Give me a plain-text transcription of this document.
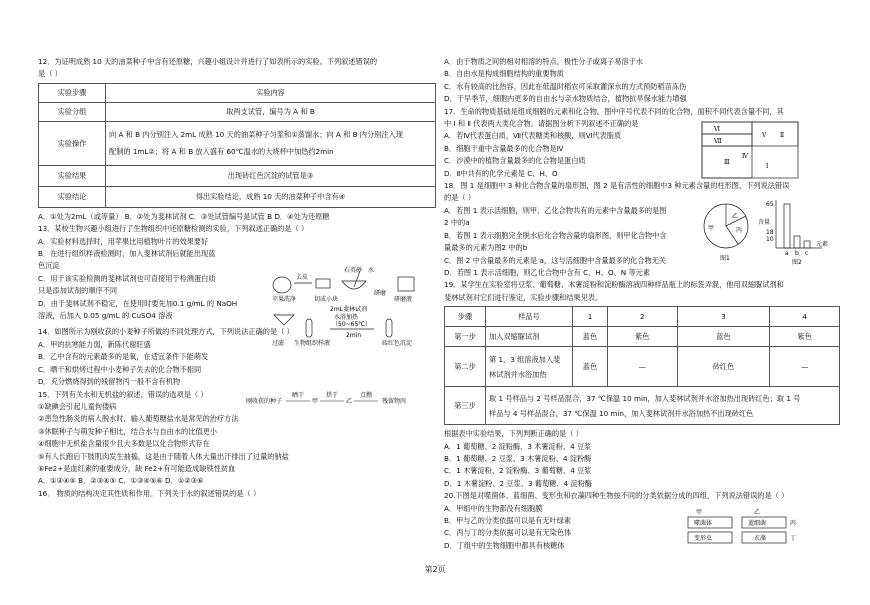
12．为证明成熟 10 天的油菜种子中含有还原糖，兴趣小组设计并进行了如表所示的实验。下列叙述错误的

是（ ）

实验步骤	实验内容
实验分组	取两支试管，编号为 A 和 B
实验操作	向 A 和 B 内分别注入 2mL 成熟 10 天的油菜种子匀浆和①蒸馏水；向 A 和 B 内分别注入现
配制的 1mL②；将 A 和 B 放入盛有 60℃温水的大烧杯中加热约2min

实验结果	出现砖红色沉淀的试管是③
实验结论	得出实验结论，成熟 10 天的油菜种子中含有④

A．①处为2mL（或等量） B．②处为斐林试剂 C．③处试管编号是试管 B D．④处为还原糖

13．某校生物兴趣小组进行了生物组织中还原糖检测的实验，下列叙述正确的是（ ）

A．实验材料选择时，用苹果比用植物叶片的效果要好

B．在进行组织样液检测时，加入斐林试剂后就能出现蓝

色沉淀

C．用于该实验检测的斐林试剂也可直接用于检测蛋白质

只是添加试剂的顺序不同

D．由于斐林试剂不稳定，在使用时要先加0.1 g/mL 的 NaOH

溶液，后加入 0.05 g/mL 的 CuSO4 溶液

14．如图所示为刚收获的小麦种子所做的不同处理方式，下列说法正确的是（ ）

A．甲的抗寒能力弱，新陈代谢旺盛

B．乙中含有的元素最多的是氧，在适宜条件下能萌发

C．晒干和烘烤过程中小麦种子失去的化合物不相同

D．充分燃烧得到的残留物丙一般不含有机物

15．下列有关水和无机盐的叙述，错误的选项是（ ）

①缺碘会引起儿童佝偻病

②患急性肠炎的病人脱水时，输入葡萄糖盐水是常见的治疗方法

③休眠种子与萌发种子相比，结合水与自由水的比值更小

④细胞中无机盐含量很少且大多数是以化合物形式存在

⑤有人长跑后下肢肌肉发生抽搐，这是由于随着人体大量出汗排出了过量的钠盐

⑥Fe2+是血红素的重要成分，缺 Fe2+有可能造成缺铁性贫血

A．①③④⑤ B．②③④⑤ C．①③④⑤⑥ D．①②③⑥

16． 物质的结构决定其性质和作用。下列关于水的叙述错误的是（ ）

苹果洗净
去皮
切成小块
石英砂 水
研磨
研磨液
过滤 生物组织样液
2mL斐林试剂
水浴加热
（50~65℃）
2min
砖红色沉淀
刚收获的种子
晒干
甲
烘干
乙
点燃
残留物丙

A．由于物质之间的相对相溶的特点，极性分子或离子易溶于水

B．自由水是构成细胞结构的重要物质

C．水有较高的比热容，因此在低温时稻农可采取灌深水的方式预防稻苗冻伤

D．干早季节，细胞内更多的自由水与亲水物质结合，植物抗旱保水能力增强

17．生命的物质基础是组成细胞的元素和化合物。图中序号代表不同的化合物，面积不同代表含量不同，其

中 Ⅰ 和 Ⅱ 代表两大类化合物。请据图分析下列叙述不正确的是

A．若Ⅳ代表蛋白质，Ⅶ代表糖类和核酸，则Ⅵ代表脂质

B．细胞干重中含量最多的化合物是Ⅳ

C．沙漠中的植物含量最多的化合物是蛋白质

D．Ⅱ中共有的化学元素是 C、H、O

18．图 1 是细胞中 3 种化合物含量的扇形图，图 2 是有活性的细胞中3 种元素含量的柱形图，下列说法错误

的是（ ）

A．若图 1 表示活细胞，则甲、乙化合物共有的元素中含量最多的是图

2 中的a

B．若图 1 表示细胞完全脱水后化合物含量的扇形图，则甲化合物中含

量最多的元素为图2 中的b

C．图 2 中含量最多的元素是 a，这与活细胞中含量最多的化合物无关

D．若图 1 表示活细胞，则乙化合物中含有 C、H、O、N 等元素

19．某学生在实验室将豆浆、葡萄糖、木薯淀粉和淀粉酶溶液四种样品瓶上的标签弄混，他用双缩脲试剂和

斐林试剂对它们进行鉴定，实验步骤和结果见表。

步骤	样品号	1	2	3	4
第一步	加入双缩脲试剂	蓝色	紫色	蓝色	紫色
第二步	第 1、3 组溶液加入斐
林试剂并水浴加热	蓝色	—	砖红色	—
第三步	取 1 号样品与 2 号样品混合，37 ℃保温 10 min，加入斐林试剂并水浴加热出现砖红色；取 1 号
样品与 4 号样品混合，37 ℃保温 10 min，加入斐林试剂并水浴加热不出现砖红色				

根据表中实验结果，下列判断正确的是（ ）

A．1 葡萄糖、2 淀粉酶、3 木薯淀粉、4 豆浆

B．1 葡萄糖、2 豆浆、3 木薯淀粉、4 淀粉酶

C．1 木薯淀粉、2 淀粉酶、3 葡萄糖、4 豆浆

D．1 木薯淀粉、2 豆浆、3 葡萄糖、4 淀粉酶

20.下图是对噬菌体、蓝细菌、变形虫和衣藻四种生物按不同的分类依据分成的四组，下列说法错误的是（ ）

A．甲组中的生物都没有细胞膜

B．甲与乙的分类依据可以是有无叶绿素

C．丙与丁的分类依据可以是有无染色体

D．丁组中的生物细胞中都具有核糖体

Ⅵ
Ⅶ
Ⅴ Ⅱ
Ⅲ
Ⅳ
Ⅰ
甲
乙
丙
图1
65
18
10
a b c
元素
含量
图2
甲	乙
噬菌体	蓝细菌
变形虫	衣藻
丙
丁
第2页
